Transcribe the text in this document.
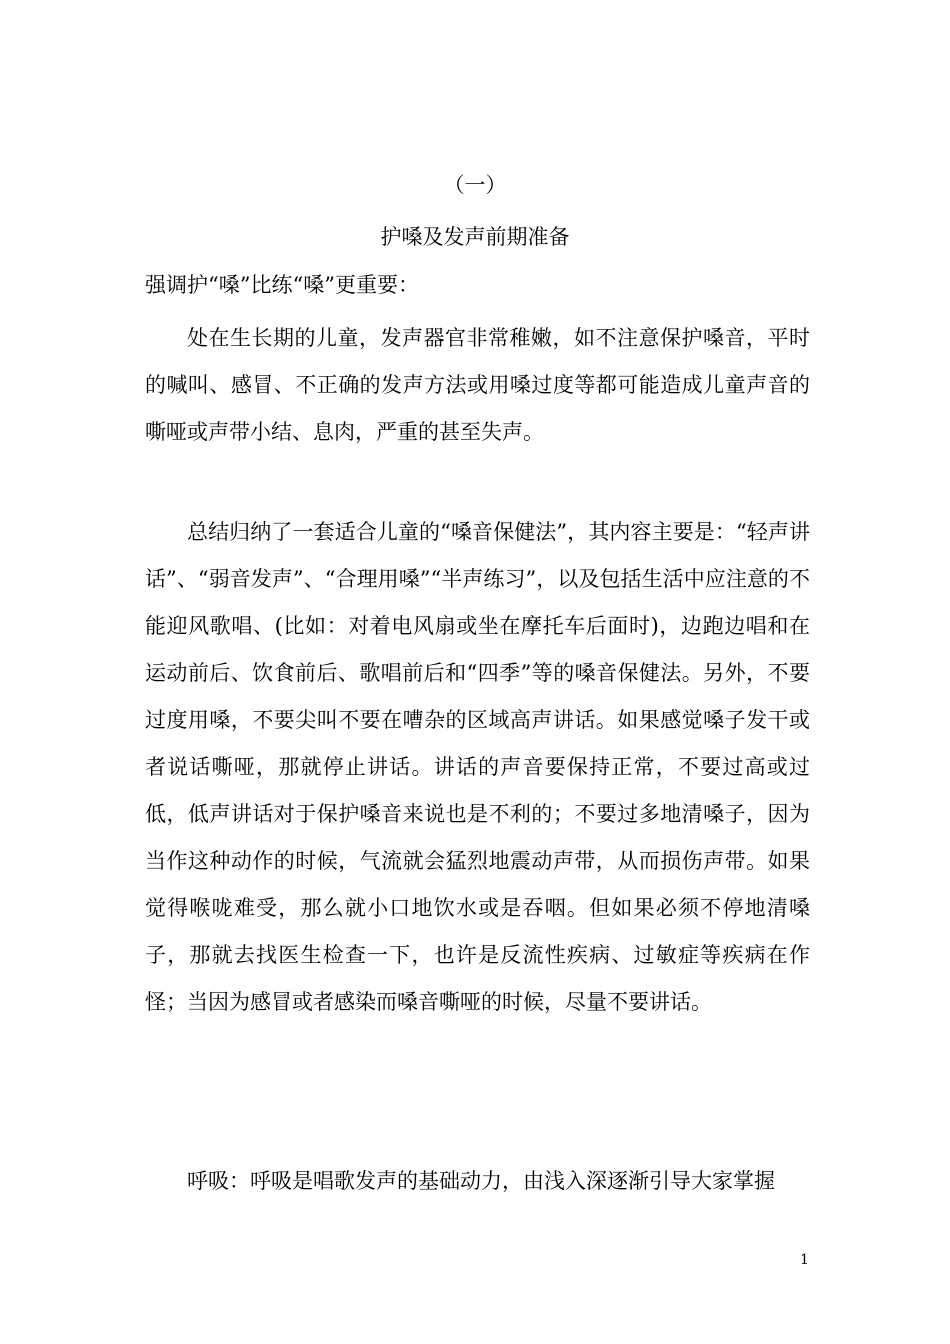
（一）
护嗓及发声前期准备
强调护“嗓”比练“嗓”更重要：

处在生长期的儿童，发声器官非常稚嫩，如不注意保护嗓音，平时的喊叫、感冒、不正确的发声方法或用嗓过度等都可能造成儿童声音的嘶哑或声带小结、息肉，严重的甚至失声。

总结归纳了一套适合儿童的“嗓音保健法”，其内容主要是：“轻声讲话”、“弱音发声”、“合理用嗓”“半声练习”，以及包括生活中应注意的不能迎风歌唱、(比如：对着电风扇或坐在摩托车后面时)，边跑边唱和在运动前后、饮食前后、歌唱前后和“四季”等的嗓音保健法。另外，不要过度用嗓，不要尖叫不要在嘈杂的区域高声讲话。如果感觉嗓子发干或者说话嘶哑，那就停止讲话。讲话的声音要保持正常，不要过高或过低，低声讲话对于保护嗓音来说也是不利的；不要过多地清嗓子，因为当作这种动作的时候，气流就会猛烈地震动声带，从而损伤声带。如果觉得喉咙难受，那么就小口地饮水或是吞咽。但如果必须不停地清嗓子，那就去找医生检查一下，也许是反流性疾病、过敏症等疾病在作怪；当因为感冒或者感染而嗓音嘶哑的时候，尽量不要讲话。

呼吸：呼吸是唱歌发声的基础动力，由浅入深逐渐引导大家掌握

1
